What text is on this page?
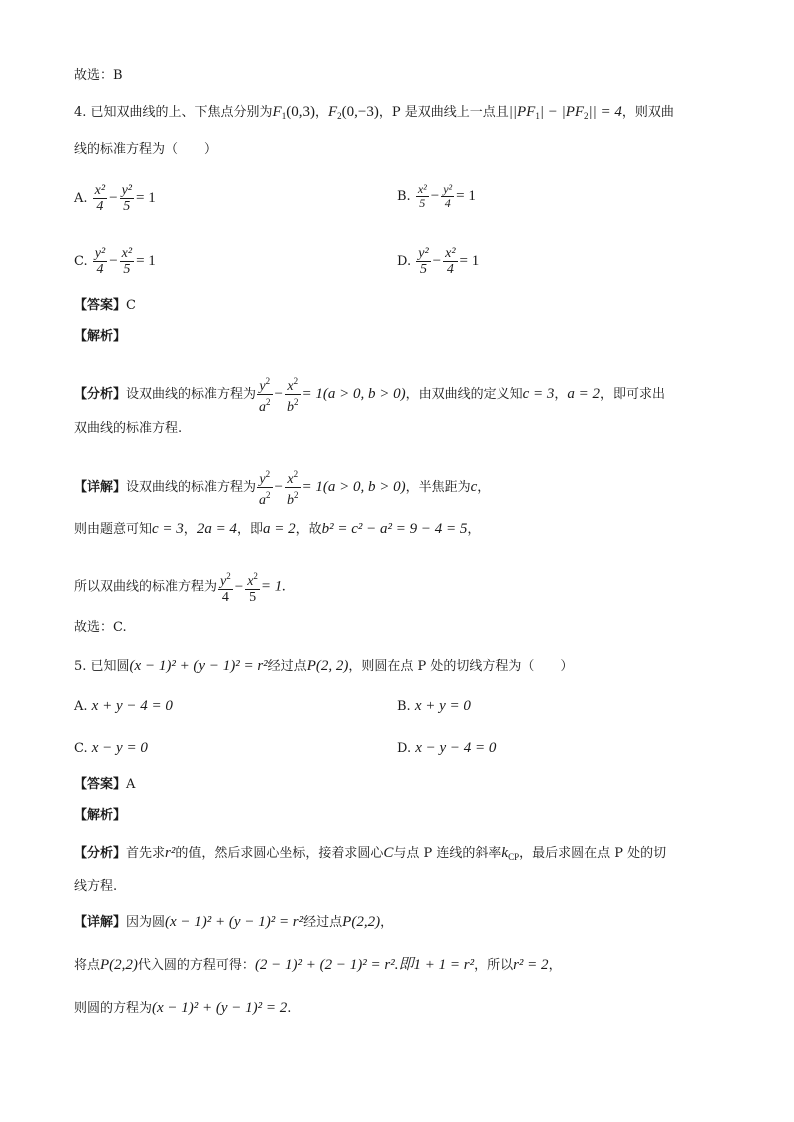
故选：B
4. 已知双曲线的上、下焦点分别为$F_1(0,3)$，$F_2(0,-3)$，P 是双曲线上一点且$||PF_1| - |PF_2|| = 4$，则双曲
线的标准方程为（　　）
A. $\frac{\text{x²}}{4} - \frac{\text{y²}}{5} = 1$	B. $\frac{\text{x²}}{5} - \frac{\text{y²}}{4} = 1$
C. $\frac{\text{y²}}{4} - \frac{\text{x²}}{5} = 1$	D. $\frac{\text{y²}}{5} - \frac{\text{x²}}{4} = 1$
【答案】C
【解析】
【分析】设双曲线的标准方程为 $\frac{y^2}{a^2} - \frac{x^2}{b^2} = 1(a > 0$, b > 0)，由双曲线的定义知c = 3，a = 2，即可求出
双曲线的标准方程.
【详解】设双曲线的标准方程为 $\frac{y^2}{a^2} - \frac{x^2}{b^2} = 1(a > 0$, b > 0)，半焦距为c，
则由题意可知c = 3，2a = 4，即a = 2，故b² = c² − a² = 9 − 4 = 5，
所以双曲线的标准方程为 $\frac{y^2}{4} - \frac{x^2}{5} = 1$.
故选：C.
5. 已知圆(x − 1)² + (y − 1)² = r²经过点P(2, 2)，则圆在点 P 处的切线方程为（　　）
A. x + y − 4 = 0	B. x + y = 0
C. x − y = 0	D. x − y − 4 = 0
【答案】A
【解析】
【分析】首先求r²的值，然后求圆心坐标，接着求圆心C与点 P 连线的斜率$k_{CP}$，最后求圆在点 P 处的切
线方程.
【详解】因为圆(x − 1)² + (y − 1)² = r²经过点P(2,2)，
将点P(2,2)代入圆的方程可得：(2 − 1)² + (2 − 1)² = r².即1 + 1 = r²，所以r² = 2，
则圆的方程为(x − 1)² + (y − 1)² = 2.
